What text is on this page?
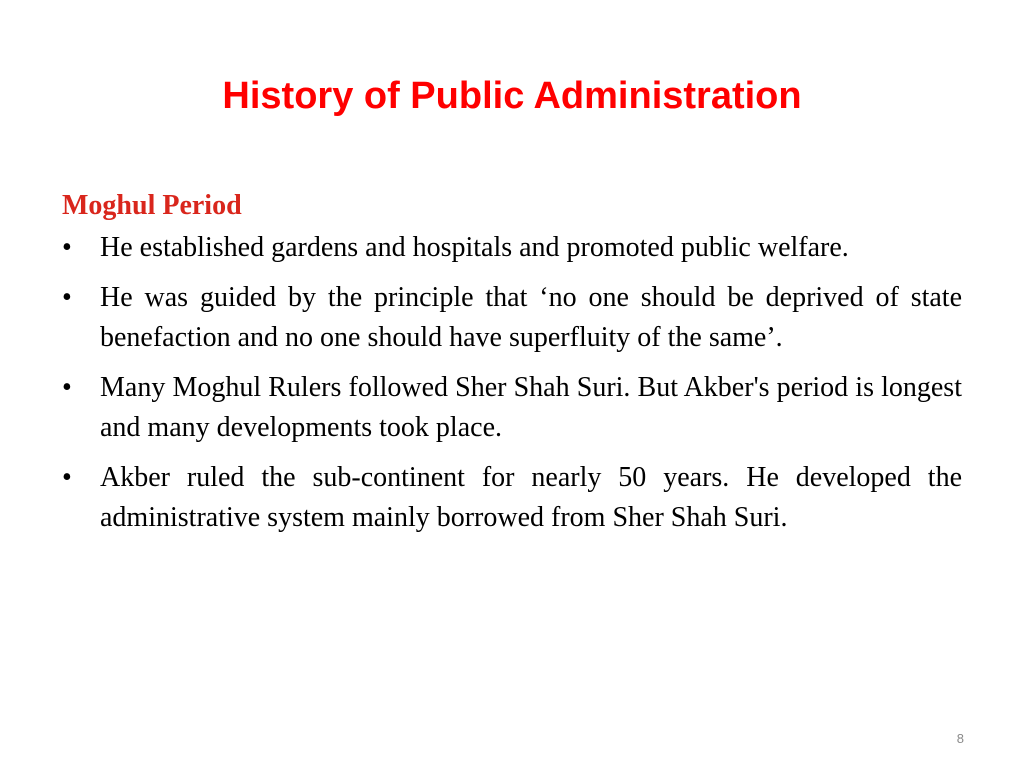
History of Public Administration
Moghul Period
•	He established gardens and hospitals and promoted public welfare.
•	He was guided by the principle that ‘no one should be deprived of state benefaction and no one should have superfluity of the same’.
•	Many Moghul Rulers followed Sher Shah Suri. But Akber's period is longest and many developments took place.
•	Akber ruled the sub-continent for nearly 50 years. He developed the administrative system mainly borrowed from Sher Shah Suri.
8
